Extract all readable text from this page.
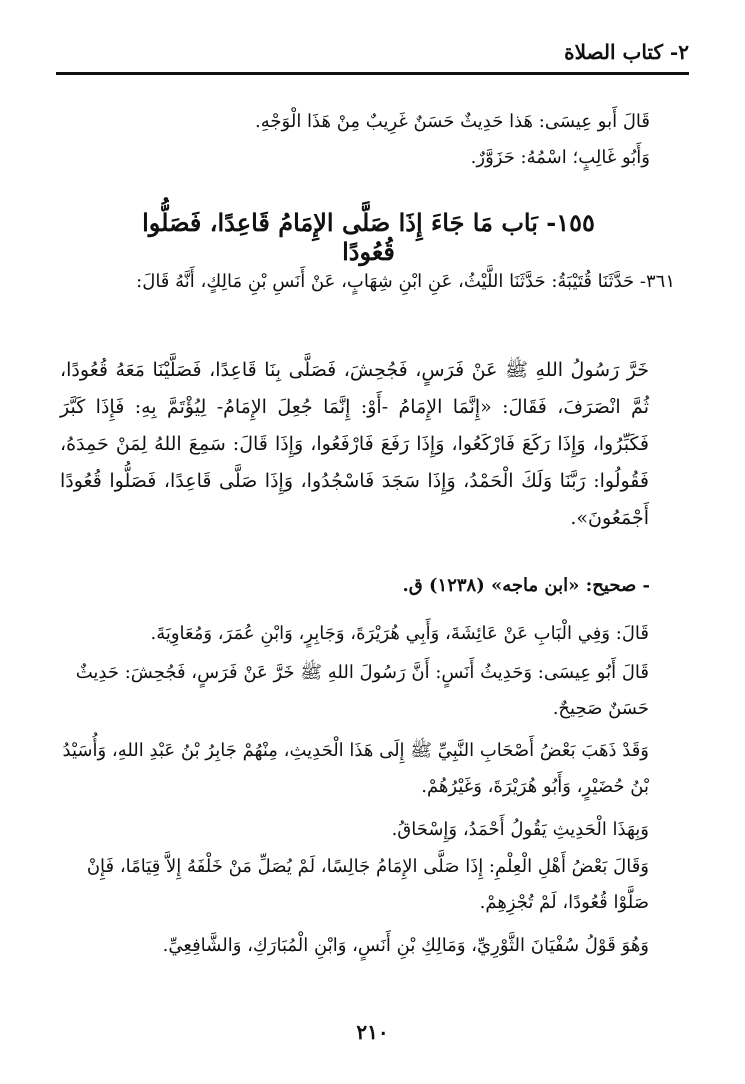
٢- كتاب الصلاة
قَالَ أَبو عِيسَى: هَذا حَدِيثٌ حَسَنٌ غَرِيبٌ مِنْ هَذَا الْوَجْهِ.
وَأَبُو غَالِبٍ؛ اسْمُهُ: حَزَوَّرٌ.
١٥٥- بَاب مَا جَاءَ إِذَا صَلَّى الإِمَامُ قَاعِدًا، فَصَلُّوا قُعُودًا

٣٦١- حَدَّثَنَا قُتَيْبَةُ: حَدَّثَنَا اللَّيْثُ، عَنِ ابْنِ شِهَابٍ، عَنْ أَنَسِ بْنِ مَالِكٍ، أَنَّهُ قَالَ:

خَرَّ رَسُولُ اللهِ ﷺ عَنْ فَرَسٍ، فَجُحِشَ، فَصَلَّى بِنَا قَاعِدًا، فَصَلَّيْنَا مَعَهُ قُعُودًا، ثُمَّ انْصَرَفَ، فَقَالَ: «إِنَّمَا الإِمَامُ -أَوْ: إِنَّمَا جُعِلَ الإِمَامُ- لِيُؤْتَمَّ بِهِ: فَإِذَا كَبَّرَ فَكَبِّرُوا، وَإِذَا رَكَعَ فَارْكَعُوا، وَإِذَا رَفَعَ فَارْفَعُوا، وَإِذَا قَالَ: سَمِعَ اللهُ لِمَنْ حَمِدَهُ، فَقُولُوا: رَبَّنَا وَلَكَ الْحَمْدُ، وَإِذَا سَجَدَ فَاسْجُدُوا، وَإِذَا صَلَّى قَاعِدًا، فَصَلُّوا قُعُودًا أَجْمَعُونَ».
- صحيح: «ابن ماجه» (١٢٣٨) ق.
قَالَ: وَفِي الْبَابِ عَنْ عَائِشَةَ، وَأَبِي هُرَيْرَةَ، وَجَابِرٍ، وَابْنِ عُمَرَ، وَمُعَاوِيَةَ.
قَالَ أَبُو عِيسَى: وَحَدِيثُ أَنَسٍ: أَنَّ رَسُولَ اللهِ ﷺ خَرَّ عَنْ فَرَسٍ، فَجُحِشَ: حَدِيثٌ حَسَنٌ صَحِيحٌ.
وَقَدْ ذَهَبَ بَعْضُ أَصْحَابِ النَّبِيِّ ﷺ إِلَى هَذَا الْحَدِيثِ، مِنْهُمْ جَابِرُ بْنُ عَبْدِ اللهِ، وَأُسَيْدُ بْنُ حُضَيْرٍ، وَأَبُو هُرَيْرَةَ، وَغَيْرُهُمْ.
وَبِهَذَا الْحَدِيثِ يَقُولُ أَحْمَدُ، وَإِسْحَاقُ.
وَقَالَ بَعْضُ أَهْلِ الْعِلْمِ: إِذَا صَلَّى الإِمَامُ جَالِسًا، لَمْ يُصَلِّ مَنْ خَلْفَهُ إِلاَّ قِيَامًا، فَإِنْ صَلَّوْا قُعُودًا، لَمْ تُجْزِهِمْ.
وَهُوَ قَوْلُ سُفْيَانَ الثَّوْرِيِّ، وَمَالِكِ بْنِ أَنَسٍ، وَابْنِ الْمُبَارَكِ، وَالشَّافِعِيِّ.
٢١٠
